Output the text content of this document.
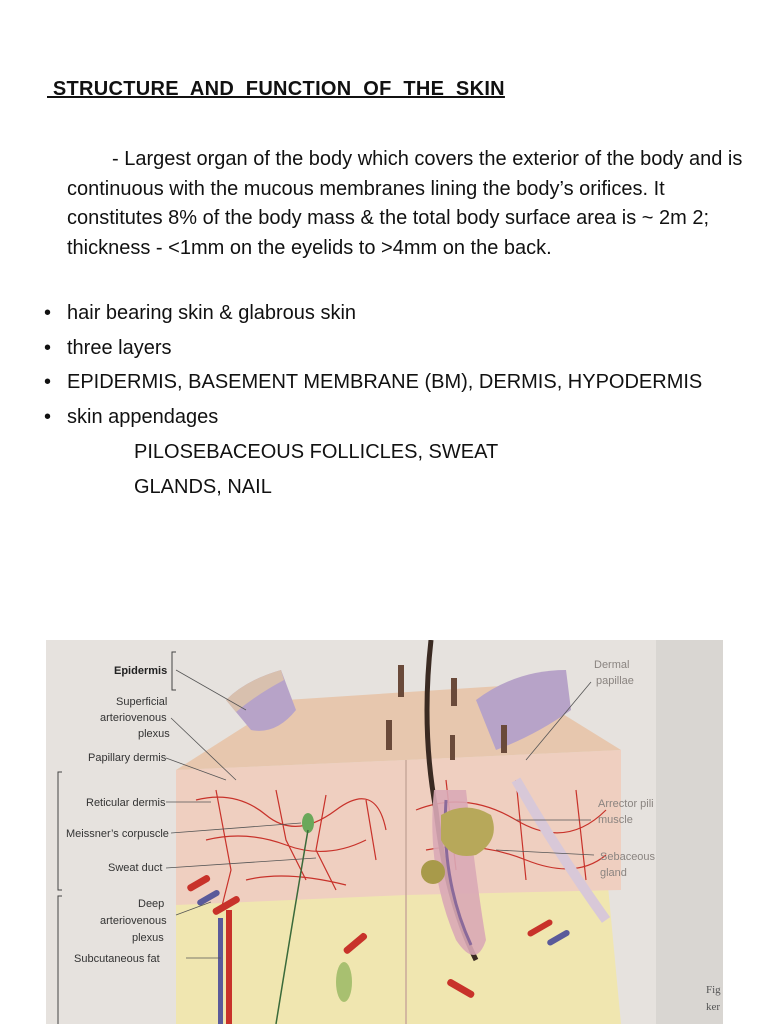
STRUCTURE  AND  FUNCTION  OF  THE  SKIN

- Largest organ of the body which covers the exterior of the body and is continuous with the mucous membranes lining the body’s orifices. It constitutes 8% of the body mass & the total body surface area is ~ 2m 2; thickness - <1mm on the eyelids to >4mm on the back.

• hair bearing skin & glabrous skin
• three layers
• EPIDERMIS, BASEMENT MEMBRANE (BM), DERMIS, HYPODERMIS
• skin appendages
PILOSEBACEOUS FOLLICLES, SWEAT
GLANDS, NAIL
Epidermis
Superficial
arteriovenous
plexus
Papillary dermis
Reticular dermis
Meissner’s corpuscle
Sweat duct
Deep
arteriovenous
plexus
Subcutaneous fat
Dermal
papillae
Arrector pili
muscle
Sebaceous
gland
Fig
ker
